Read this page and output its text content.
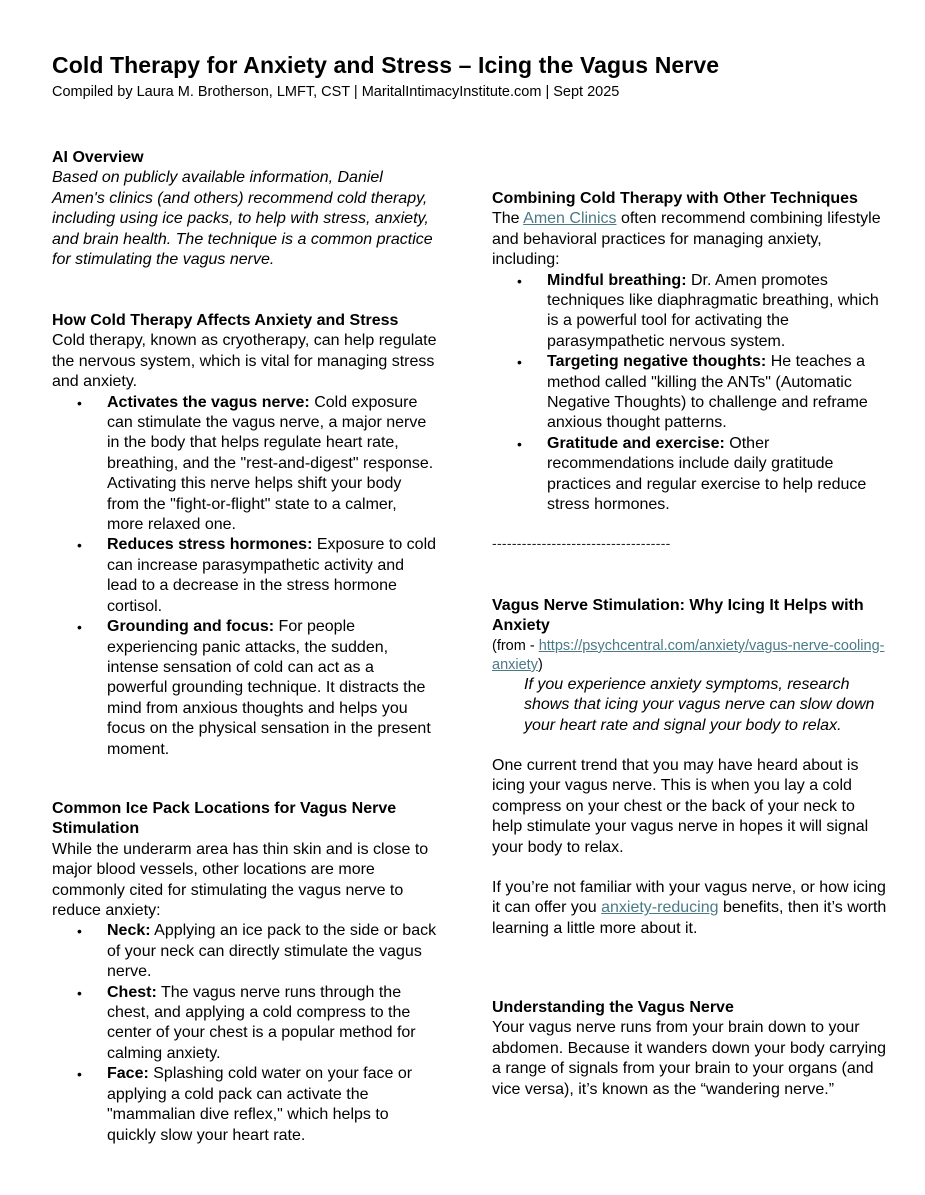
Cold Therapy for Anxiety and Stress – Icing the Vagus Nerve
Compiled by Laura M. Brotherson, LMFT, CST | MaritalIntimacyInstitute.com | Sept 2025
AI Overview

Based on publicly available information, Daniel Amen's clinics (and others) recommend cold therapy, including using ice packs, to help with stress, anxiety, and brain health. The technique is a common practice for stimulating the vagus nerve.

How Cold Therapy Affects Anxiety and Stress

Cold therapy, known as cryotherapy, can help regulate the nervous system, which is vital for managing stress and anxiety.

• Activates the vagus nerve: Cold exposure can stimulate the vagus nerve, a major nerve in the body that helps regulate heart rate, breathing, and the "rest-and-digest" response. Activating this nerve helps shift your body from the "fight-or-flight" state to a calmer, more relaxed one.
• Reduces stress hormones: Exposure to cold can increase parasympathetic activity and lead to a decrease in the stress hormone cortisol.
• Grounding and focus: For people experiencing panic attacks, the sudden, intense sensation of cold can act as a powerful grounding technique. It distracts the mind from anxious thoughts and helps you focus on the physical sensation in the present moment.
Common Ice Pack Locations for Vagus Nerve Stimulation

While the underarm area has thin skin and is close to major blood vessels, other locations are more commonly cited for stimulating the vagus nerve to reduce anxiety:

• Neck: Applying an ice pack to the side or back of your neck can directly stimulate the vagus nerve.
• Chest: The vagus nerve runs through the chest, and applying a cold compress to the center of your chest is a popular method for calming anxiety.
• Face: Splashing cold water on your face or applying a cold pack can activate the "mammalian dive reflex," which helps to quickly slow your heart rate.
Combining Cold Therapy with Other Techniques

The Amen Clinics often recommend combining lifestyle and behavioral practices for managing anxiety, including:

• Mindful breathing: Dr. Amen promotes techniques like diaphragmatic breathing, which is a powerful tool for activating the parasympathetic nervous system.
• Targeting negative thoughts: He teaches a method called "killing the ANTs" (Automatic Negative Thoughts) to challenge and reframe anxious thought patterns.
• Gratitude and exercise: Other recommendations include daily gratitude practices and regular exercise to help reduce stress hormones.
------------------------------------
Vagus Nerve Stimulation: Why Icing It Helps with Anxiety

(from - https://psychcentral.com/anxiety/vagus-nerve-cooling-anxiety)

If you experience anxiety symptoms, research shows that icing your vagus nerve can slow down your heart rate and signal your body to relax.

One current trend that you may have heard about is icing your vagus nerve. This is when you lay a cold compress on your chest or the back of your neck to help stimulate your vagus nerve in hopes it will signal your body to relax.

If you’re not familiar with your vagus nerve, or how icing it can offer you anxiety-reducing benefits, then it’s worth learning a little more about it.

Understanding the Vagus Nerve

Your vagus nerve runs from your brain down to your abdomen. Because it wanders down your body carrying a range of signals from your brain to your organs (and vice versa), it’s known as the “wandering nerve.”
